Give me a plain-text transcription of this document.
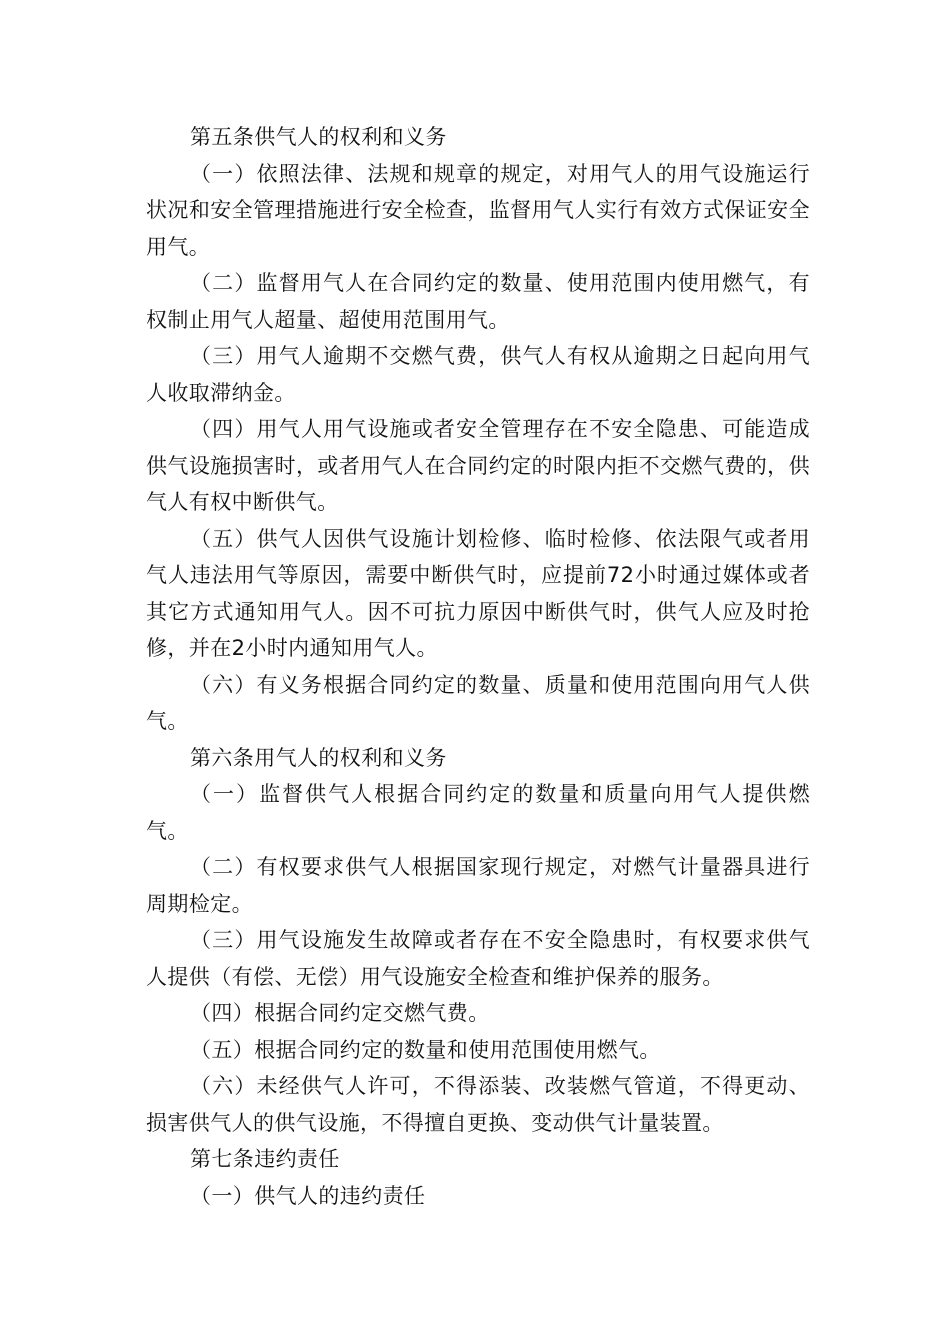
第五条供气人的权利和义务

（一）依照法律、法规和规章的规定，对用气人的用气设施运行状况和安全管理措施进行安全检查，监督用气人实行有效方式保证安全用气。

（二）监督用气人在合同约定的数量、使用范围内使用燃气，有权制止用气人超量、超使用范围用气。

（三）用气人逾期不交燃气费，供气人有权从逾期之日起向用气人收取滞纳金。

（四）用气人用气设施或者安全管理存在不安全隐患、可能造成供气设施损害时，或者用气人在合同约定的时限内拒不交燃气费的，供气人有权中断供气。

（五）供气人因供气设施计划检修、临时检修、依法限气或者用气人违法用气等原因，需要中断供气时，应提前72小时通过媒体或者其它方式通知用气人。因不可抗力原因中断供气时，供气人应及时抢修，并在2小时内通知用气人。

（六）有义务根据合同约定的数量、质量和使用范围向用气人供气。

第六条用气人的权利和义务

（一）监督供气人根据合同约定的数量和质量向用气人提供燃气。

（二）有权要求供气人根据国家现行规定，对燃气计量器具进行周期检定。

（三）用气设施发生故障或者存在不安全隐患时，有权要求供气人提供（有偿、无偿）用气设施安全检查和维护保养的服务。

（四）根据合同约定交燃气费。

（五）根据合同约定的数量和使用范围使用燃气。

（六）未经供气人许可，不得添装、改装燃气管道，不得更动、损害供气人的供气设施，不得擅自更换、变动供气计量装置。

第七条违约责任

（一）供气人的违约责任
